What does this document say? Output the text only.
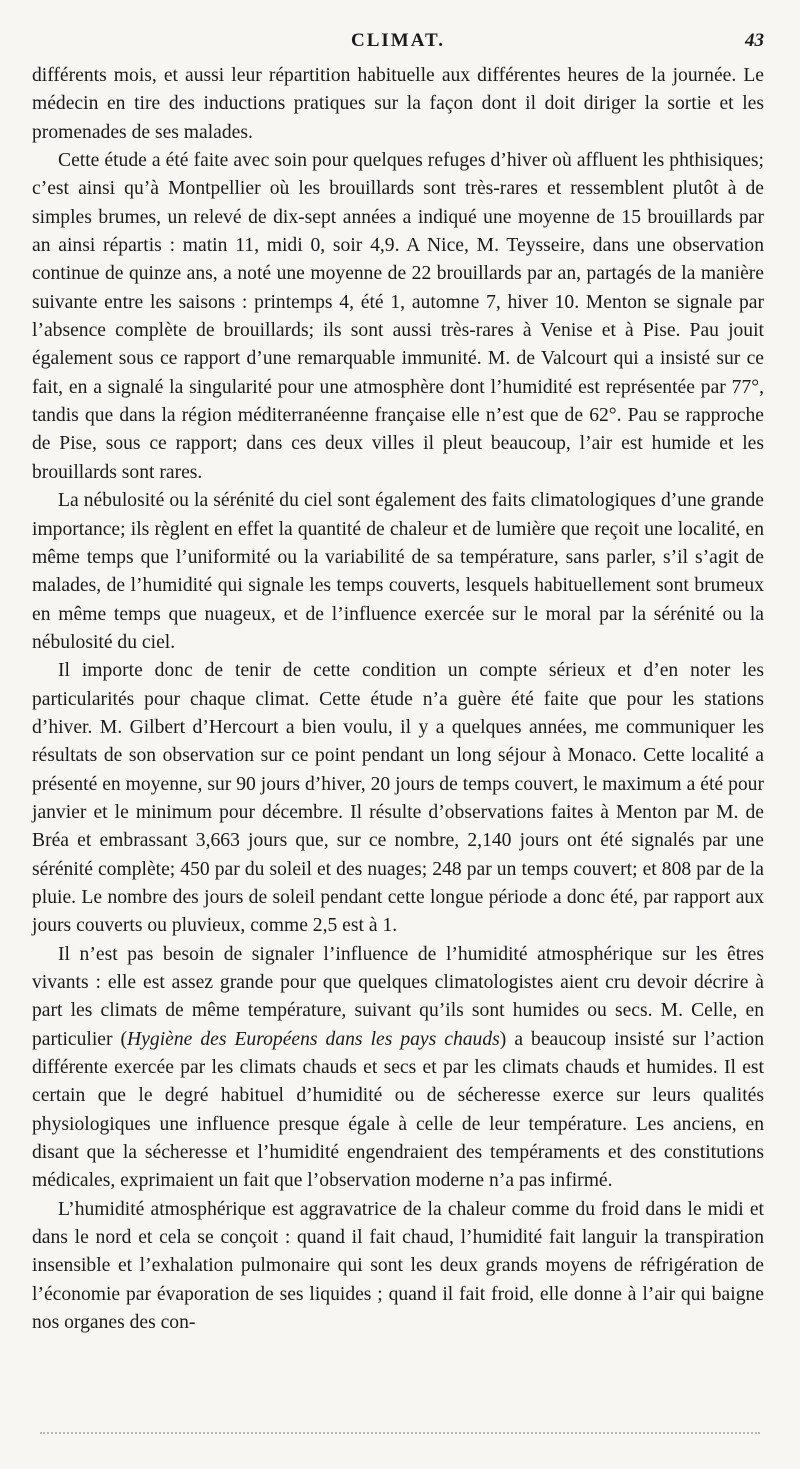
CLIMAT.	43

différents mois, et aussi leur répartition habituelle aux différentes heures de la journée. Le médecin en tire des inductions pratiques sur la façon dont il doit diriger la sortie et les promenades de ses malades.

Cette étude a été faite avec soin pour quelques refuges d’hiver où affluent les phthisiques; c’est ainsi qu’à Montpellier où les brouillards sont très-rares et ressemblent plutôt à de simples brumes, un relevé de dix-sept années a indiqué une moyenne de 15 brouillards par an ainsi répartis : matin 11, midi 0, soir 4,9. A Nice, M. Teysseire, dans une observation continue de quinze ans, a noté une moyenne de 22 brouillards par an, partagés de la manière suivante entre les saisons : printemps 4, été 1, automne 7, hiver 10. Menton se signale par l’absence complète de brouillards; ils sont aussi très-rares à Venise et à Pise. Pau jouit également sous ce rapport d’une remarquable immunité. M. de Valcourt qui a insisté sur ce fait, en a signalé la singularité pour une atmosphère dont l’humidité est représentée par 77°, tandis que dans la région méditerranéenne française elle n’est que de 62°. Pau se rapproche de Pise, sous ce rapport; dans ces deux villes il pleut beaucoup, l’air est humide et les brouillards sont rares.

La nébulosité ou la sérénité du ciel sont également des faits climatologiques d’une grande importance; ils règlent en effet la quantité de chaleur et de lumière que reçoit une localité, en même temps que l’uniformité ou la variabilité de sa température, sans parler, s’il s’agit de malades, de l’humidité qui signale les temps couverts, lesquels habituellement sont brumeux en même temps que nuageux, et de l’influence exercée sur le moral par la sérénité ou la nébulosité du ciel.

Il importe donc de tenir de cette condition un compte sérieux et d’en noter les particularités pour chaque climat. Cette étude n’a guère été faite que pour les stations d’hiver. M. Gilbert d’Hercourt a bien voulu, il y a quelques années, me communiquer les résultats de son observation sur ce point pendant un long séjour à Monaco. Cette localité a présenté en moyenne, sur 90 jours d’hiver, 20 jours de temps couvert, le maximum a été pour janvier et le minimum pour décembre. Il résulte d’observations faites à Menton par M. de Bréa et embrassant 3,663 jours que, sur ce nombre, 2,140 jours ont été signalés par une sérénité complète; 450 par du soleil et des nuages; 248 par un temps couvert; et 808 par de la pluie. Le nombre des jours de soleil pendant cette longue période a donc été, par rapport aux jours couverts ou pluvieux, comme 2,5 est à 1.

Il n’est pas besoin de signaler l’influence de l’humidité atmosphérique sur les êtres vivants : elle est assez grande pour que quelques climatologistes aient cru devoir décrire à part les climats de même température, suivant qu’ils sont humides ou secs. M. Celle, en particulier (Hygiène des Européens dans les pays chauds) a beaucoup insisté sur l’action différente exercée par les climats chauds et secs et par les climats chauds et humides. Il est certain que le degré habituel d’humidité ou de sécheresse exerce sur leurs qualités physiologiques une influence presque égale à celle de leur température. Les anciens, en disant que la sécheresse et l’humidité engendraient des tempéraments et des constitutions médicales, exprimaient un fait que l’observation moderne n’a pas infirmé.

L’humidité atmosphérique est aggravatrice de la chaleur comme du froid dans le midi et dans le nord et cela se conçoit : quand il fait chaud, l’humidité fait languir la transpiration insensible et l’exhalation pulmonaire qui sont les deux grands moyens de réfrigération de l’économie par évaporation de ses liquides ; quand il fait froid, elle donne à l’air qui baigne nos organes des con-
